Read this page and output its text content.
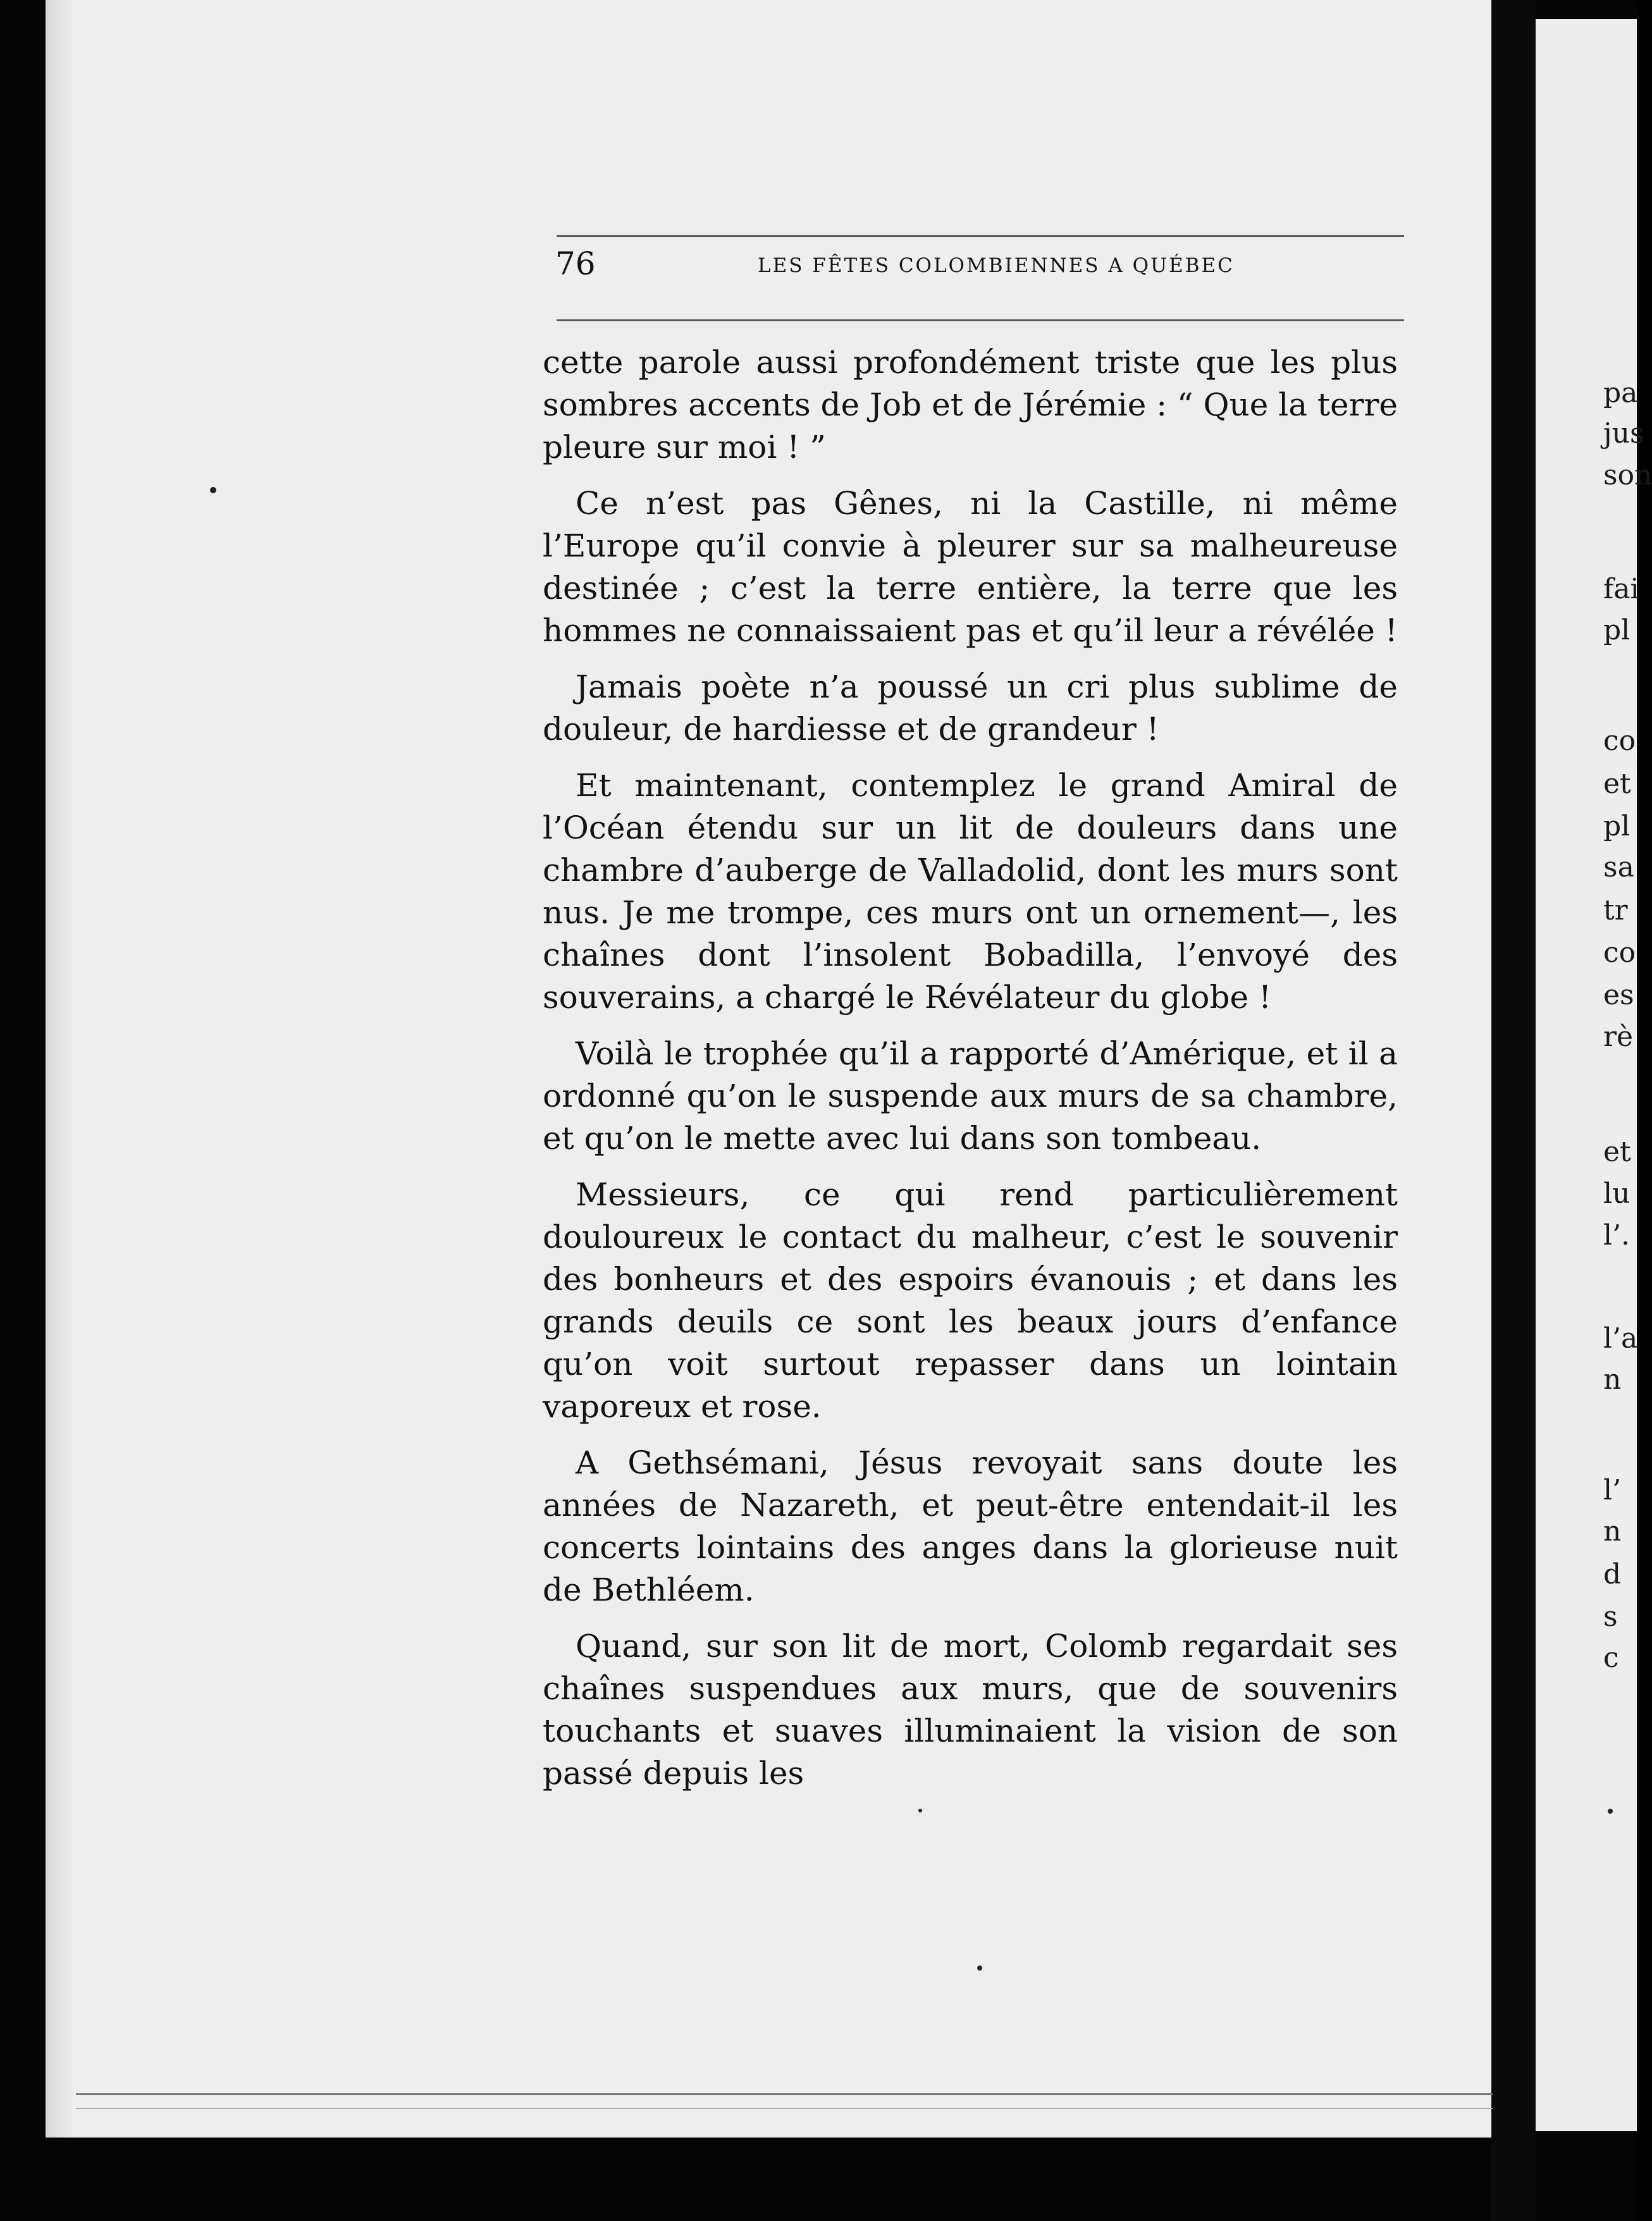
76	LES FÊTES COLOMBIENNES A QUÉBEC

cette parole aussi profondément triste que les plus sombres accents de Job et de Jérémie : “ Que la terre pleure sur moi ! ”

Ce n’est pas Gênes, ni la Castille, ni même l’Europe qu’il convie à pleurer sur sa malheureuse destinée ; c’est la terre entière, la terre que les hommes ne connaissaient pas et qu’il leur a révélée !

Jamais poète n’a poussé un cri plus sublime de douleur, de hardiesse et de grandeur !

Et maintenant, contemplez le grand Amiral de l’Océan étendu sur un lit de douleurs dans une chambre d’auberge de Valladolid, dont les murs sont nus. Je me trompe, ces murs ont un ornement—, les chaînes dont l’insolent Bobadilla, l’envoyé des souverains, a chargé le Révélateur du globe !

Voilà le trophée qu’il a rapporté d’Amérique, et il a ordonné qu’on le suspende aux murs de sa chambre, et qu’on le mette avec lui dans son tombeau.

Messieurs, ce qui rend particulièrement douloureux le contact du malheur, c’est le souvenir des bonheurs et des espoirs évanouis ; et dans les grands deuils ce sont les beaux jours d’enfance qu’on voit surtout repasser dans un lointain vaporeux et rose.

A Gethsémani, Jésus revoyait sans doute les années de Nazareth, et peut-être entendait-il les concerts lointains des anges dans la glorieuse nuit de Bethléem.

Quand, sur son lit de mort, Colomb regardait ses chaînes suspendues aux murs, que de souvenirs touchants et suaves illuminaient la vision de son passé depuis les

pa
jus
son
fai
pl
co
et
pl
sa
tr
co
es
rè
et
lu
l’.
l’a
n
l’
n
d
s
c
